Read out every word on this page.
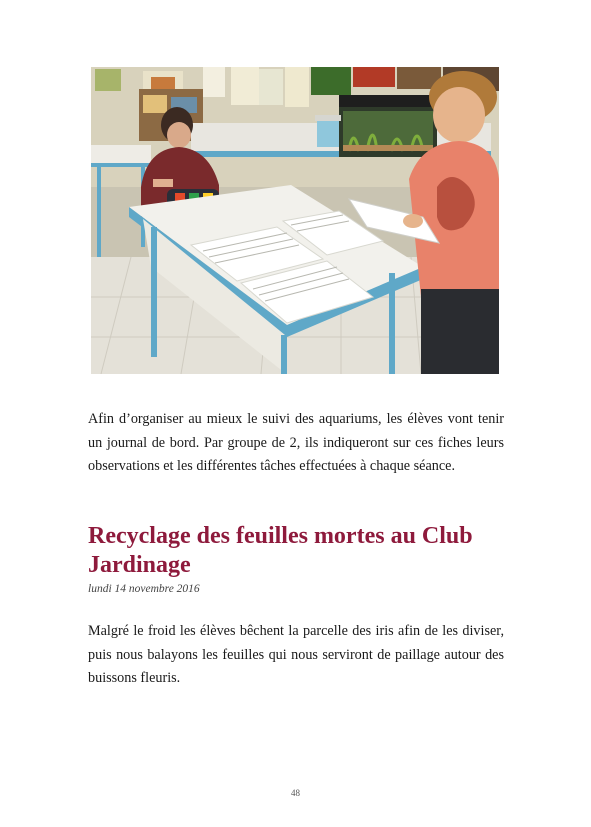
Afin d’organiser au mieux le suivi des aquariums, les élèves vont tenir un journal de bord. Par groupe de 2, ils indiqueront sur ces fiches leurs observations et les différentes tâches effectuées à chaque séance.

Recyclage des feuilles mortes au Club Jardinage

lundi 14 novembre 2016

Malgré le froid les élèves bêchent la parcelle des iris afin de les diviser, puis nous balayons les feuilles qui nous serviront de paillage autour des buissons fleuris.

48
